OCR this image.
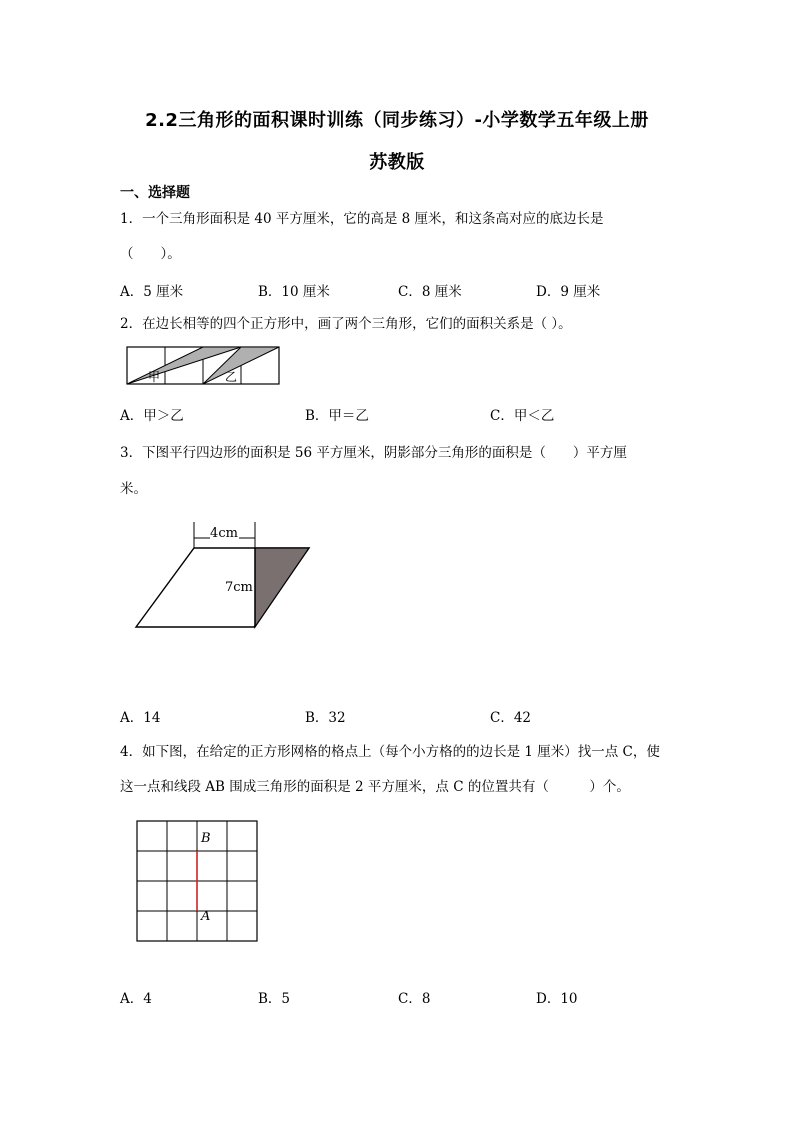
2.2三角形的面积课时训练（同步练习）-小学数学五年级上册
苏教版
一、选择题
1．一个三角形面积是 40 平方厘米，它的高是 8 厘米，和这条高对应的底边长是
（　　）。
A．5 厘米	B．10 厘米	C．8 厘米	D．9 厘米
2．在边长相等的四个正方形中，画了两个三角形，它们的面积关系是（ ）。
甲	乙
A．甲＞乙	B．甲＝乙	C．甲＜乙
3．下图平行四边形的面积是 56 平方厘米，阴影部分三角形的面积是（　　）平方厘
米。
4cm
7cm
A．14	B．32	C．42
4．如下图，在给定的正方形网格的格点上（每个小方格的的边长是 1 厘米）找一点 C，使
这一点和线段 AB 围成三角形的面积是 2 平方厘米，点 C 的位置共有（　　　）个。
B
A
A．4	B．5	C．8	D．10
